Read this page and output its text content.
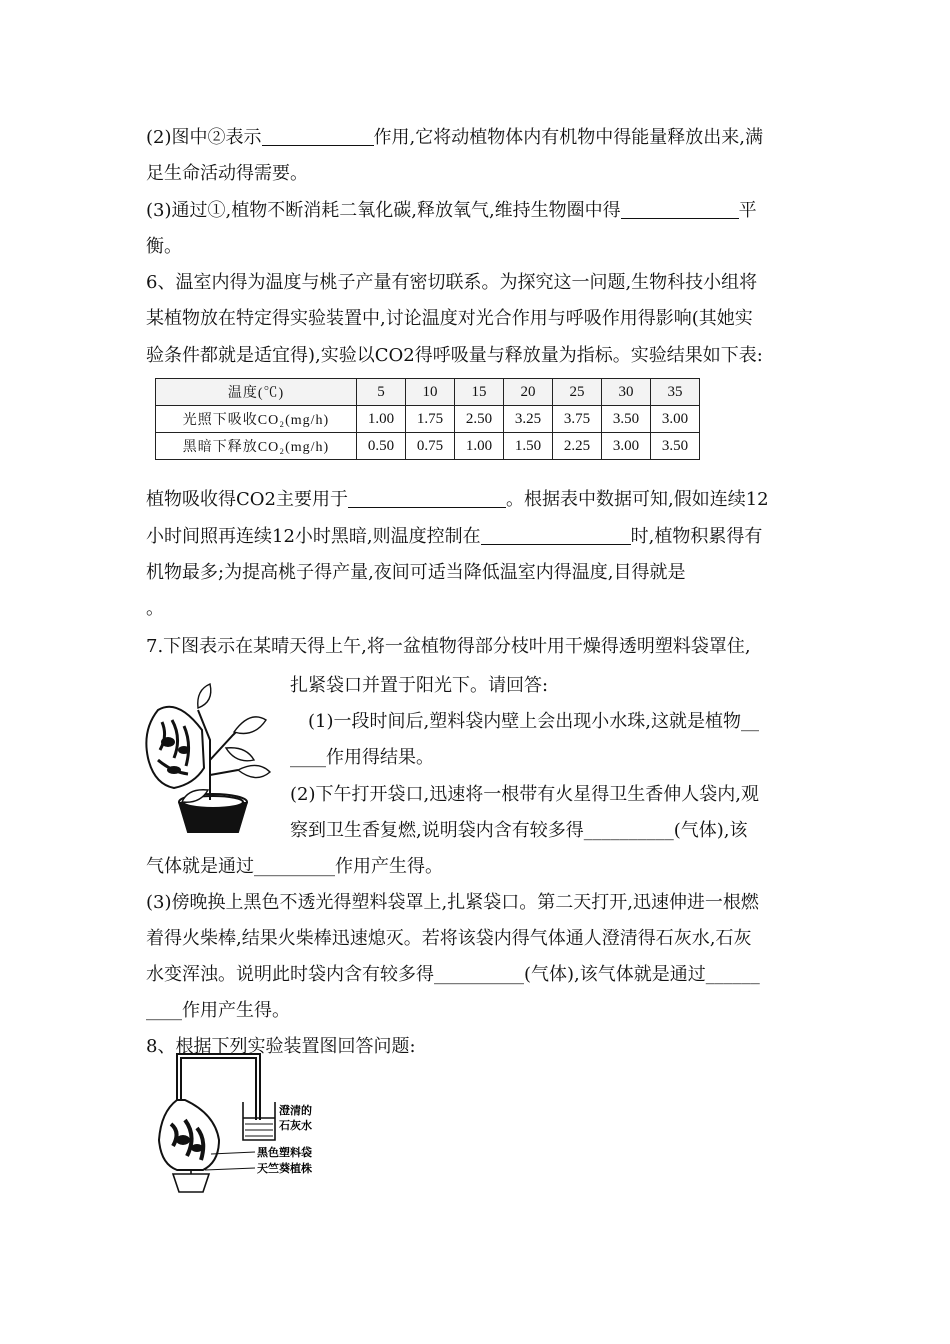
(2)图中②表示	作用,它将动植物体内有机物中得能量释放出来,满
足生命活动得需要。
(3)通过①,植物不断消耗二氧化碳,释放氧气,维持生物圈中得	平
衡。
6、温室内得为温度与桃子产量有密切联系。为探究这一问题,生物科技小组将
某植物放在特定得实验装置中,讨论温度对光合作用与呼吸作用得影响(其她实
验条件都就是适宜得),实验以CO2得呼吸量与释放量为指标。实验结果如下表:
温度(℃)	5	10	15	20	25	30	35
光照下吸收CO₂(mg/h)	1.00	1.75	2.50	3.25	3.75	3.50	3.00
黑暗下释放CO₂(mg/h)	0.50	0.75	1.00	1.50	2.25	3.00	3.50
植物吸收得CO2主要用于	。根据表中数据可知,假如连续12
小时间照再连续12小时黑暗,则温度控制在	时,植物积累得有
机物最多;为提高桃子得产量,夜间可适当降低温室内得温度,目得就是
。
7.下图表示在某晴天得上午,将一盆植物得部分枝叶用干燥得透明塑料袋罩住,
扎紧袋口并置于阳光下。请回答:
(1)一段时间后,塑料袋内壁上会出现小水珠,这就是植物__
____作用得结果。
(2)下午打开袋口,迅速将一根带有火星得卫生香伸人袋内,观
察到卫生香复燃,说明袋内含有较多得__________(气体),该
气体就是通过_________作用产生得。
(3)傍晚换上黑色不透光得塑料袋罩上,扎紧袋口。第二天打开,迅速伸进一根燃
着得火柴棒,结果火柴棒迅速熄灭。若将该袋内得气体通人澄清得石灰水,石灰
水变浑浊。说明此时袋内含有较多得__________(气体),该气体就是通过______
____作用产生得。
8、根据下列实验装置图回答问题:
澄清的
石灰水
黑色塑料袋
天竺葵植株
